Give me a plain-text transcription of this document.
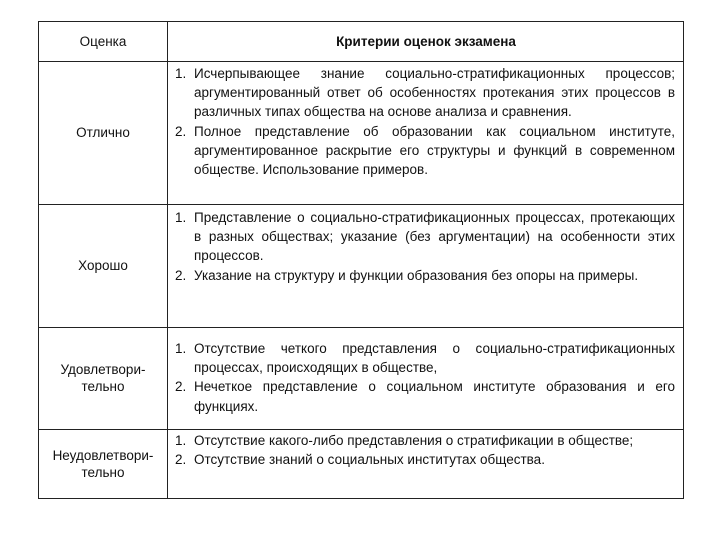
Оценка	Критерии оценок экзамена
Отлично
1. Исчерпывающее знание социально-стратификационных процессов; аргументированный ответ об особенностях протекания этих процессов в различных типах общества на основе анализа и сравнения.
2. Полное представление об образовании как социальном институте, аргументированное раскрытие его структуры и функций в современном обществе. Использование примеров.
Хорошо
1. Представление о социально-стратификационных процессах, протекающих в разных обществах; указание (без аргументации) на особенности этих процессов.
2. Указание на структуру и функции образования без опоры на примеры.
Удовлетвори-тельно
1. Отсутствие четкого представления о социально-стратификационных процессах, происходящих в обществе,
2. Нечеткое представление о социальном институте образования и его функциях.
Неудовлетвори-тельно
1. Отсутствие какого-либо представления о стратификации в обществе;
2. Отсутствие знаний о социальных институтах общества.
